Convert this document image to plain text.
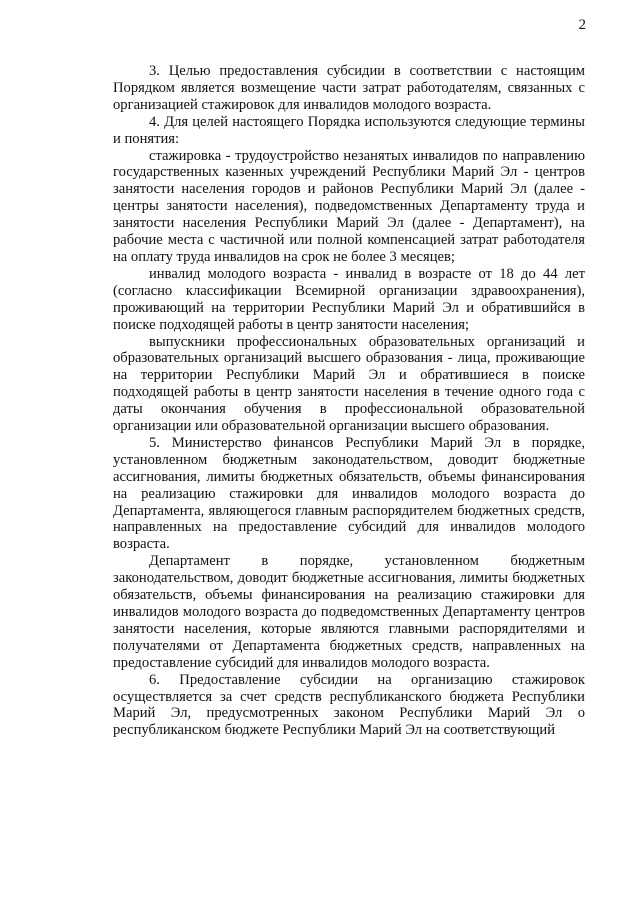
2

3. Целью предоставления субсидии в соответствии с настоящим Порядком является возмещение части затрат работодателям, связанных с организацией стажировок для инвалидов молодого возраста.

4. Для целей настоящего Порядка используются следующие термины и понятия:

стажировка - трудоустройство незанятых инвалидов по направлению государственных казенных учреждений Республики Марий Эл - центров занятости населения городов и районов Республики Марий Эл (далее - центры занятости населения), подведомственных Департаменту труда и занятости населения Республики Марий Эл (далее - Департамент), на рабочие места с частичной или полной компенсацией затрат работодателя на оплату труда инвалидов на срок не более 3 месяцев;

инвалид молодого возраста - инвалид в возрасте от 18 до 44 лет (согласно классификации Всемирной организации здравоохранения), проживающий на территории Республики Марий Эл и обратившийся в поиске подходящей работы в центр занятости населения;

выпускники профессиональных образовательных организаций и образовательных организаций высшего образования - лица, проживающие на территории Республики Марий Эл и обратившиеся в поиске подходящей работы в центр занятости населения в течение одного года с даты окончания обучения в профессиональной образовательной организации или образовательной организации высшего образования.

5. Министерство финансов Республики Марий Эл в порядке, установленном бюджетным законодательством, доводит бюджетные ассигнования, лимиты бюджетных обязательств, объемы финансирования на реализацию стажировки для инвалидов молодого возраста до Департамента, являющегося главным распорядителем бюджетных средств, направленных на предоставление субсидий для инвалидов молодого возраста.

Департамент в порядке, установленном бюджетным законодательством, доводит бюджетные ассигнования, лимиты бюджетных обязательств, объемы финансирования на реализацию стажировки для инвалидов молодого возраста до подведомственных Департаменту центров занятости населения, которые являются главными распорядителями и получателями от Департамента бюджетных средств, направленных на предоставление субсидий для инвалидов молодого возраста.

6. Предоставление субсидии на организацию стажировок осуществляется за счет средств республиканского бюджета Республики Марий Эл, предусмотренных законом Республики Марий Эл о республиканском бюджете Республики Марий Эл на соответствующий
